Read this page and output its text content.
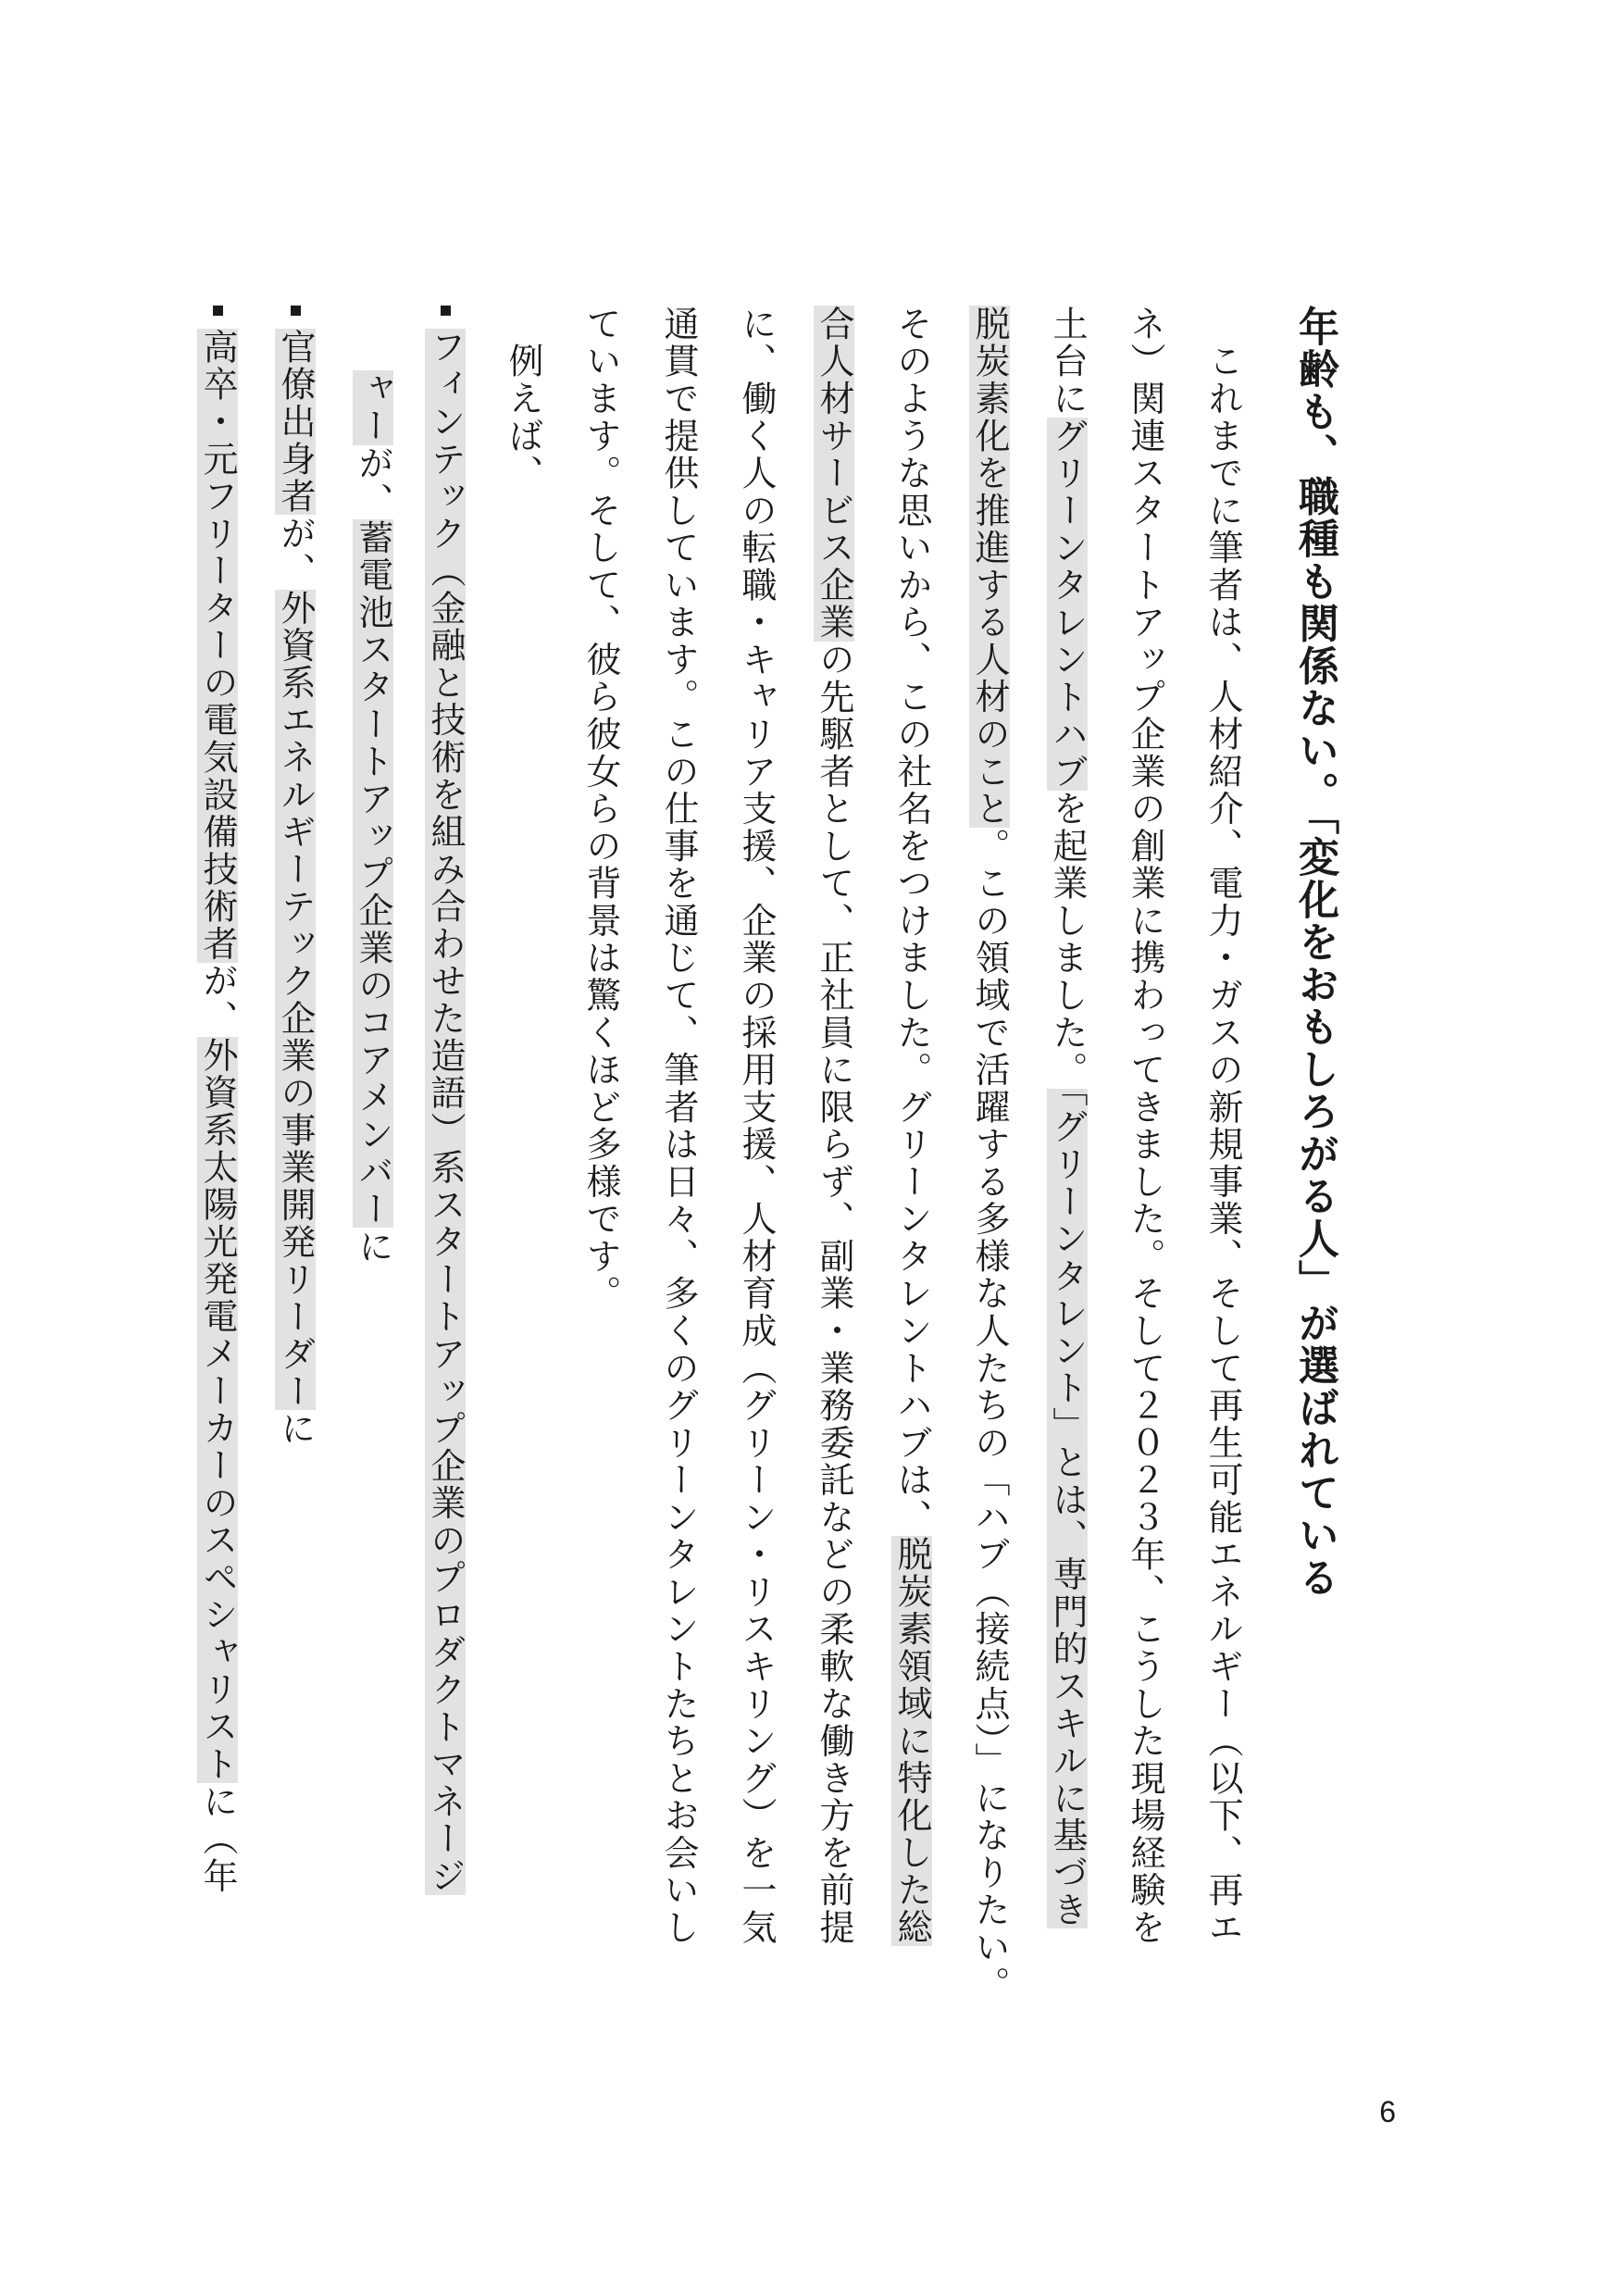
年齢も、職種も関係ない。「変化をおもしろがる人」が選ばれている
　これまでに筆者は、人材紹介、電力・ガスの新規事業、そして再生可能エネルギー（以下、再エ
ネ）関連スタートアップ企業の創業に携わってきました。そして２０２３年、こうした現場経験を
土台にグリーンタレントハブを起業しました。「グリーンタレント」とは、専門的スキルに基づき
脱炭素化を推進する人材のこと。この領域で活躍する多様な人たちの「ハブ（接続点）」になりたい。
そのような思いから、この社名をつけました。グリーンタレントハブは、脱炭素領域に特化した総
合人材サービス企業の先駆者として、正社員に限らず、副業・業務委託などの柔軟な働き方を前提
に、働く人の転職・キャリア支援、企業の採用支援、人材育成（グリーン・リスキリング）を一気
通貫で提供しています。この仕事を通じて、筆者は日々、多くのグリーンタレントたちとお会いし
ています。そして、彼ら彼女らの背景は驚くほど多様です。
　例えば、
フィンテック（金融と技術を組み合わせた造語）系スタートアップ企業のプロダクトマネージ
ャーが、蓄電池スタートアップ企業のコアメンバーに
官僚出身者が、外資系エネルギーテック企業の事業開発リーダーに
高卒・元フリーターの電気設備技術者が、外資系太陽光発電メーカーのスペシャリストに（年
6
